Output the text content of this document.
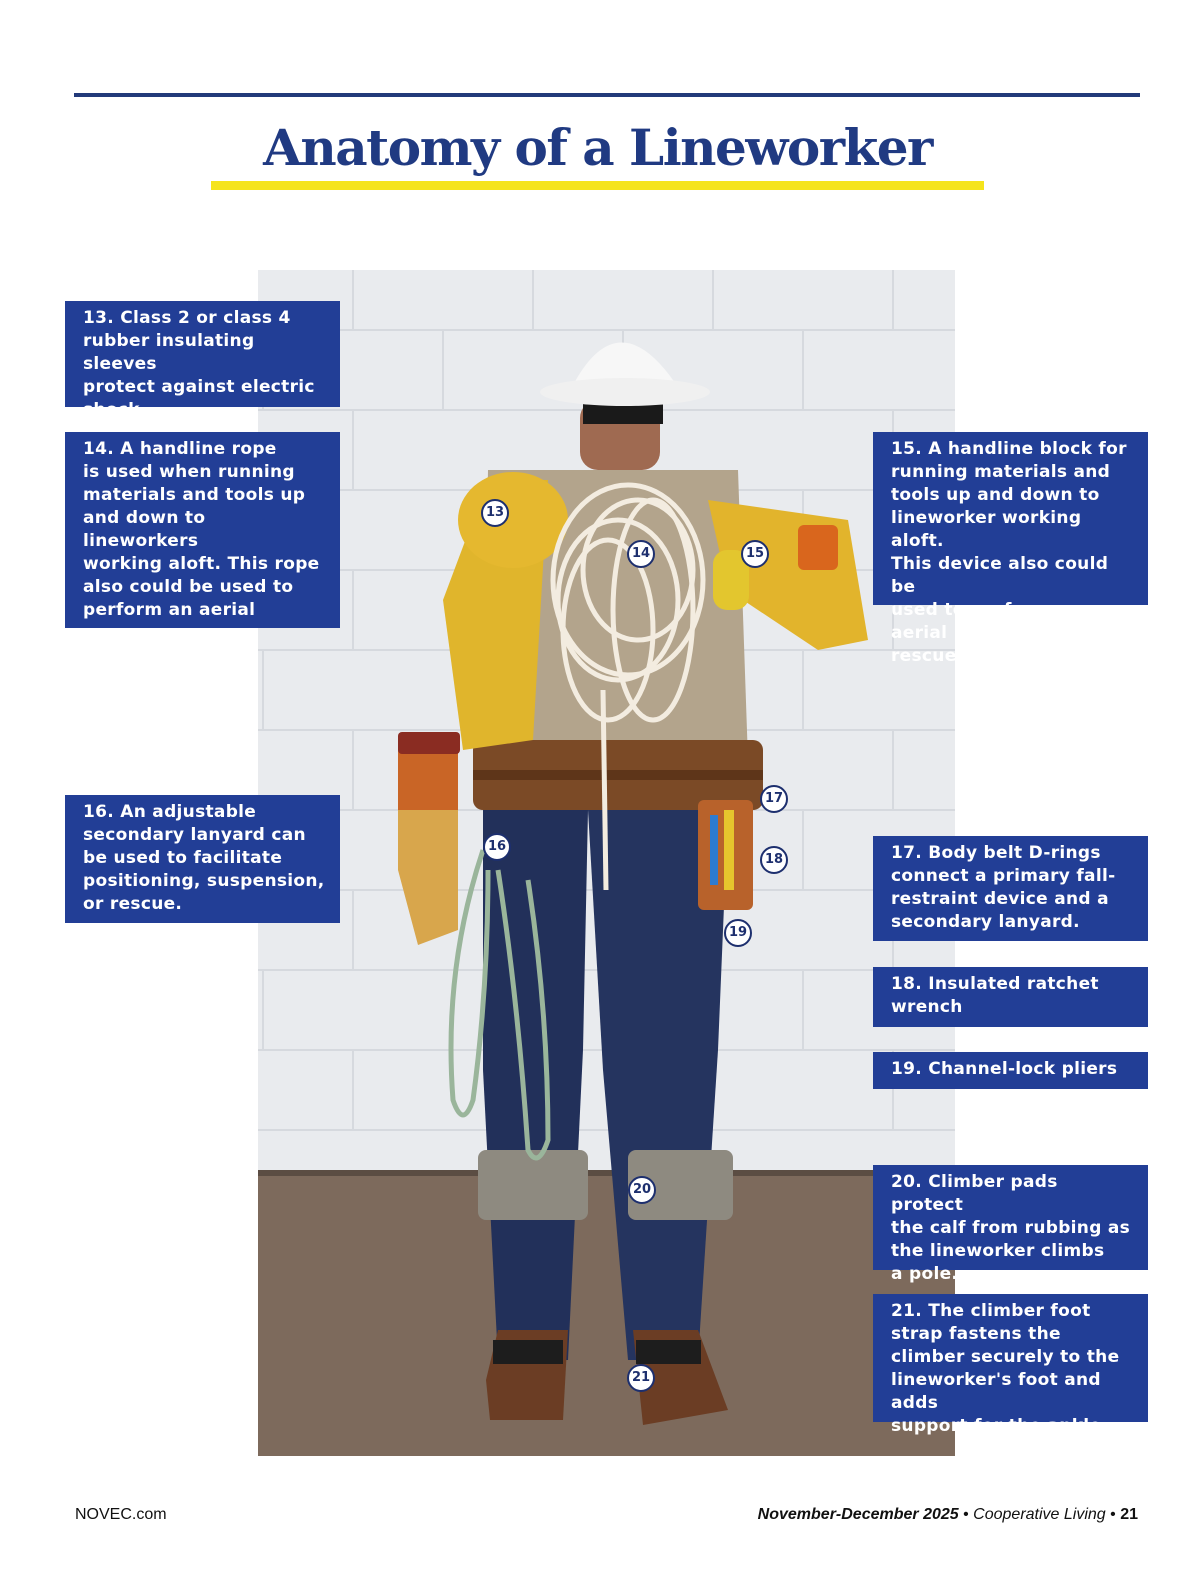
Anatomy of a Lineworker
13. Class 2 or class 4
rubber insulating sleeves
protect against electric
shock.
14. A handline rope
is used when running
materials and tools up
and down to lineworkers
working aloft. This rope
also could be used to
perform an aerial rescue,
if necessary.
16. An adjustable
secondary lanyard can
be used to facilitate
positioning, suspension,
or rescue.
15. A handline block for
running materials and
tools up and down to
lineworker working aloft.
This device also could be
used to perform an aerial
rescue, if necessary.
17. Body belt D-rings
connect a primary fall-
restraint device and a
secondary lanyard.
18. Insulated ratchet
wrench
19. Channel-lock pliers
20. Climber pads protect
the calf from rubbing as
the lineworker climbs
a pole.
21. The climber foot
strap fastens the
climber securely to the
lineworker's foot and adds
support for the ankle.
13
14	15
16
17
18
19
20
21
NOVEC.com	November-December 2025 • Cooperative Living • 21
